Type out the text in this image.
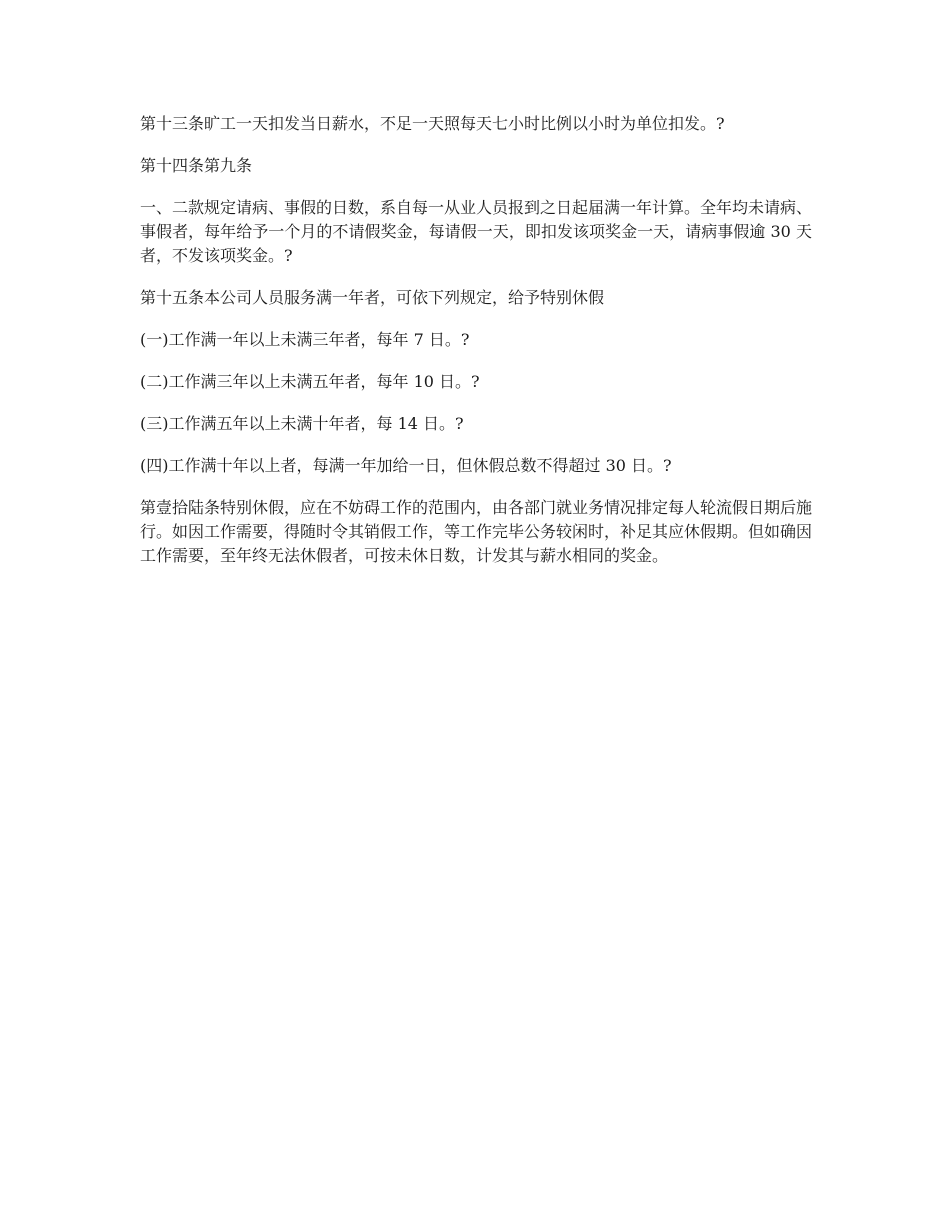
第十三条旷工一天扣发当日薪水，不足一天照每天七小时比例以小时为单位扣发。?

第十四条第九条

一、二款规定请病、事假的日数，系自每一从业人员报到之日起届满一年计算。全年均未请病、事假者，每年给予一个月的不请假奖金，每请假一天，即扣发该项奖金一天，请病事假逾 30 天者，不发该项奖金。?

第十五条本公司人员服务满一年者，可依下列规定，给予特别休假

(一)工作满一年以上未满三年者，每年 7 日。?

(二)工作满三年以上未满五年者，每年 10 日。?

(三)工作满五年以上未满十年者，每 14 日。?

(四)工作满十年以上者，每满一年加给一日，但休假总数不得超过 30 日。?

第壹拾陆条特别休假，应在不妨碍工作的范围内，由各部门就业务情况排定每人轮流假日期后施行。如因工作需要，得随时令其销假工作，等工作完毕公务较闲时，补足其应休假期。但如确因工作需要，至年终无法休假者，可按未休日数，计发其与薪水相同的奖金。
